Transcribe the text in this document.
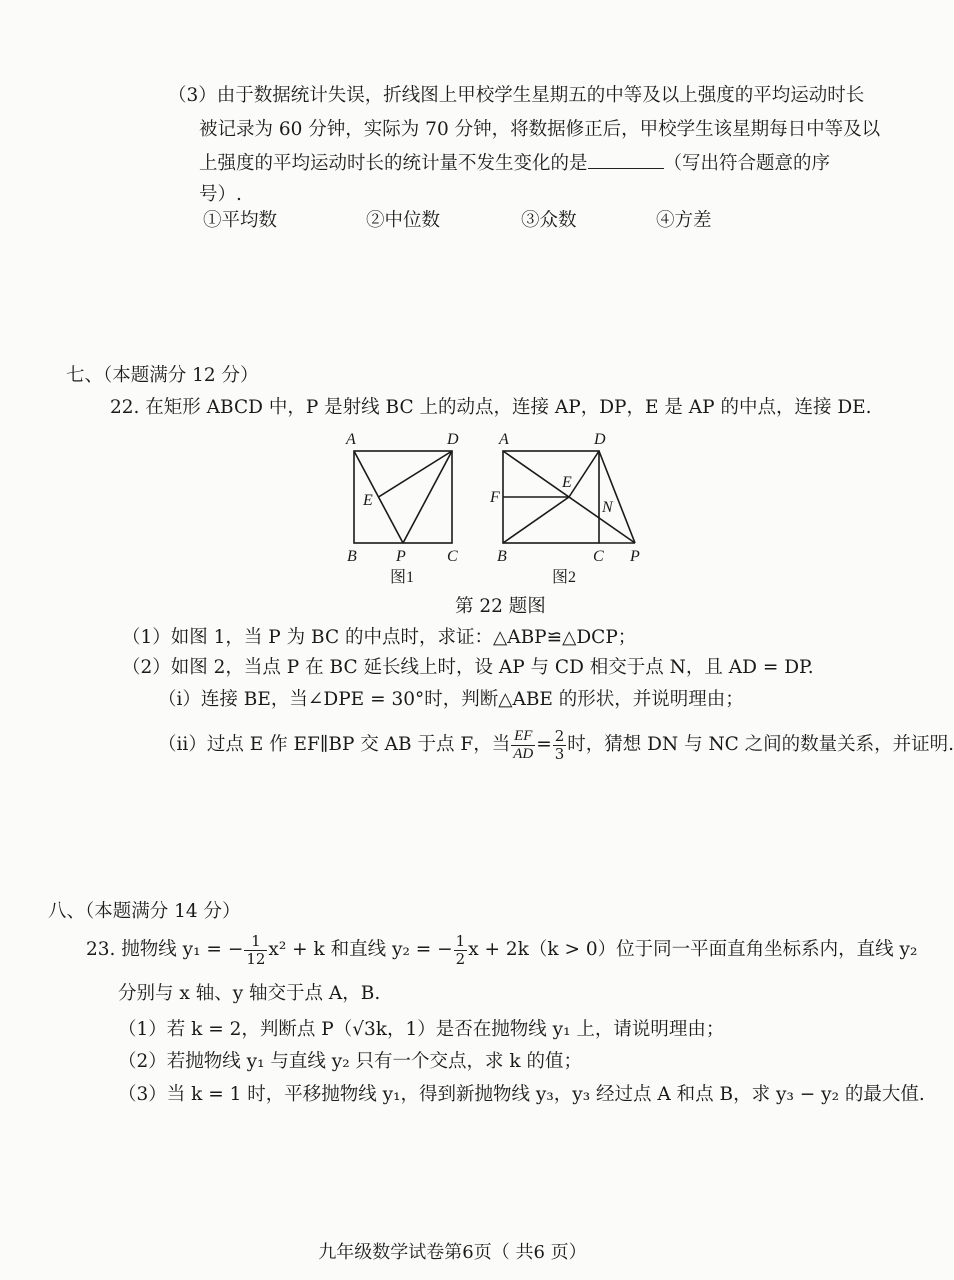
（3）由于数据统计失误，折线图上甲校学生星期五的中等及以上强度的平均运动时长
被记录为 60 分钟，实际为 70 分钟，将数据修正后，甲校学生该星期每日中等及以
上强度的平均运动时长的统计量不发生变化的是	（写出符合题意的序
号）.
①平均数	②中位数	③众数	④方差
七、（本题满分 12 分）
22. 在矩形 ABCD 中，P 是射线 BC 上的动点，连接 AP，DP，E 是 AP 的中点，连接 DE.
A	D
B P	C
E
图1
A	D
F
E
N
B	C P
图2
第 22 题图
（1）如图 1，当 P 为 BC 的中点时，求证：△ABP≌△DCP；
（2）如图 2，当点 P 在 BC 延长线上时，设 AP 与 CD 相交于点 N，且 AD = DP.
（i）连接 BE，当∠DPE = 30°时，判断△ABE 的形状，并说明理由；
（ii）过点 E 作 EF∥BP 交 AB 于点 F，当 $\frac{EF}{AD} = \frac{2}{3}$ 时，猜想 DN 与 NC 之间的数量关系，并证明.
八、（本题满分 14 分）
23. 抛物线 y₁ = − $\frac{1}{12} x^2 + k$ 和直线 y₂ = − $\frac{1}{2}$ x + 2k（k > 0）位于同一平面直角坐标系内，直线 y₂
分别与 x 轴、y 轴交于点 A，B.
（1）若 k = 2，判断点 P（√3k，1）是否在抛物线 y₁ 上，请说明理由；
（2）若抛物线 y₁ 与直线 y₂ 只有一个交点，求 k 的值；
（3）当 k = 1 时，平移抛物线 y₁，得到新抛物线 y₃，y₃ 经过点 A 和点 B，求 y₃ − y₂ 的最大值.
九年级数学试卷第6页（ 共6 页）
